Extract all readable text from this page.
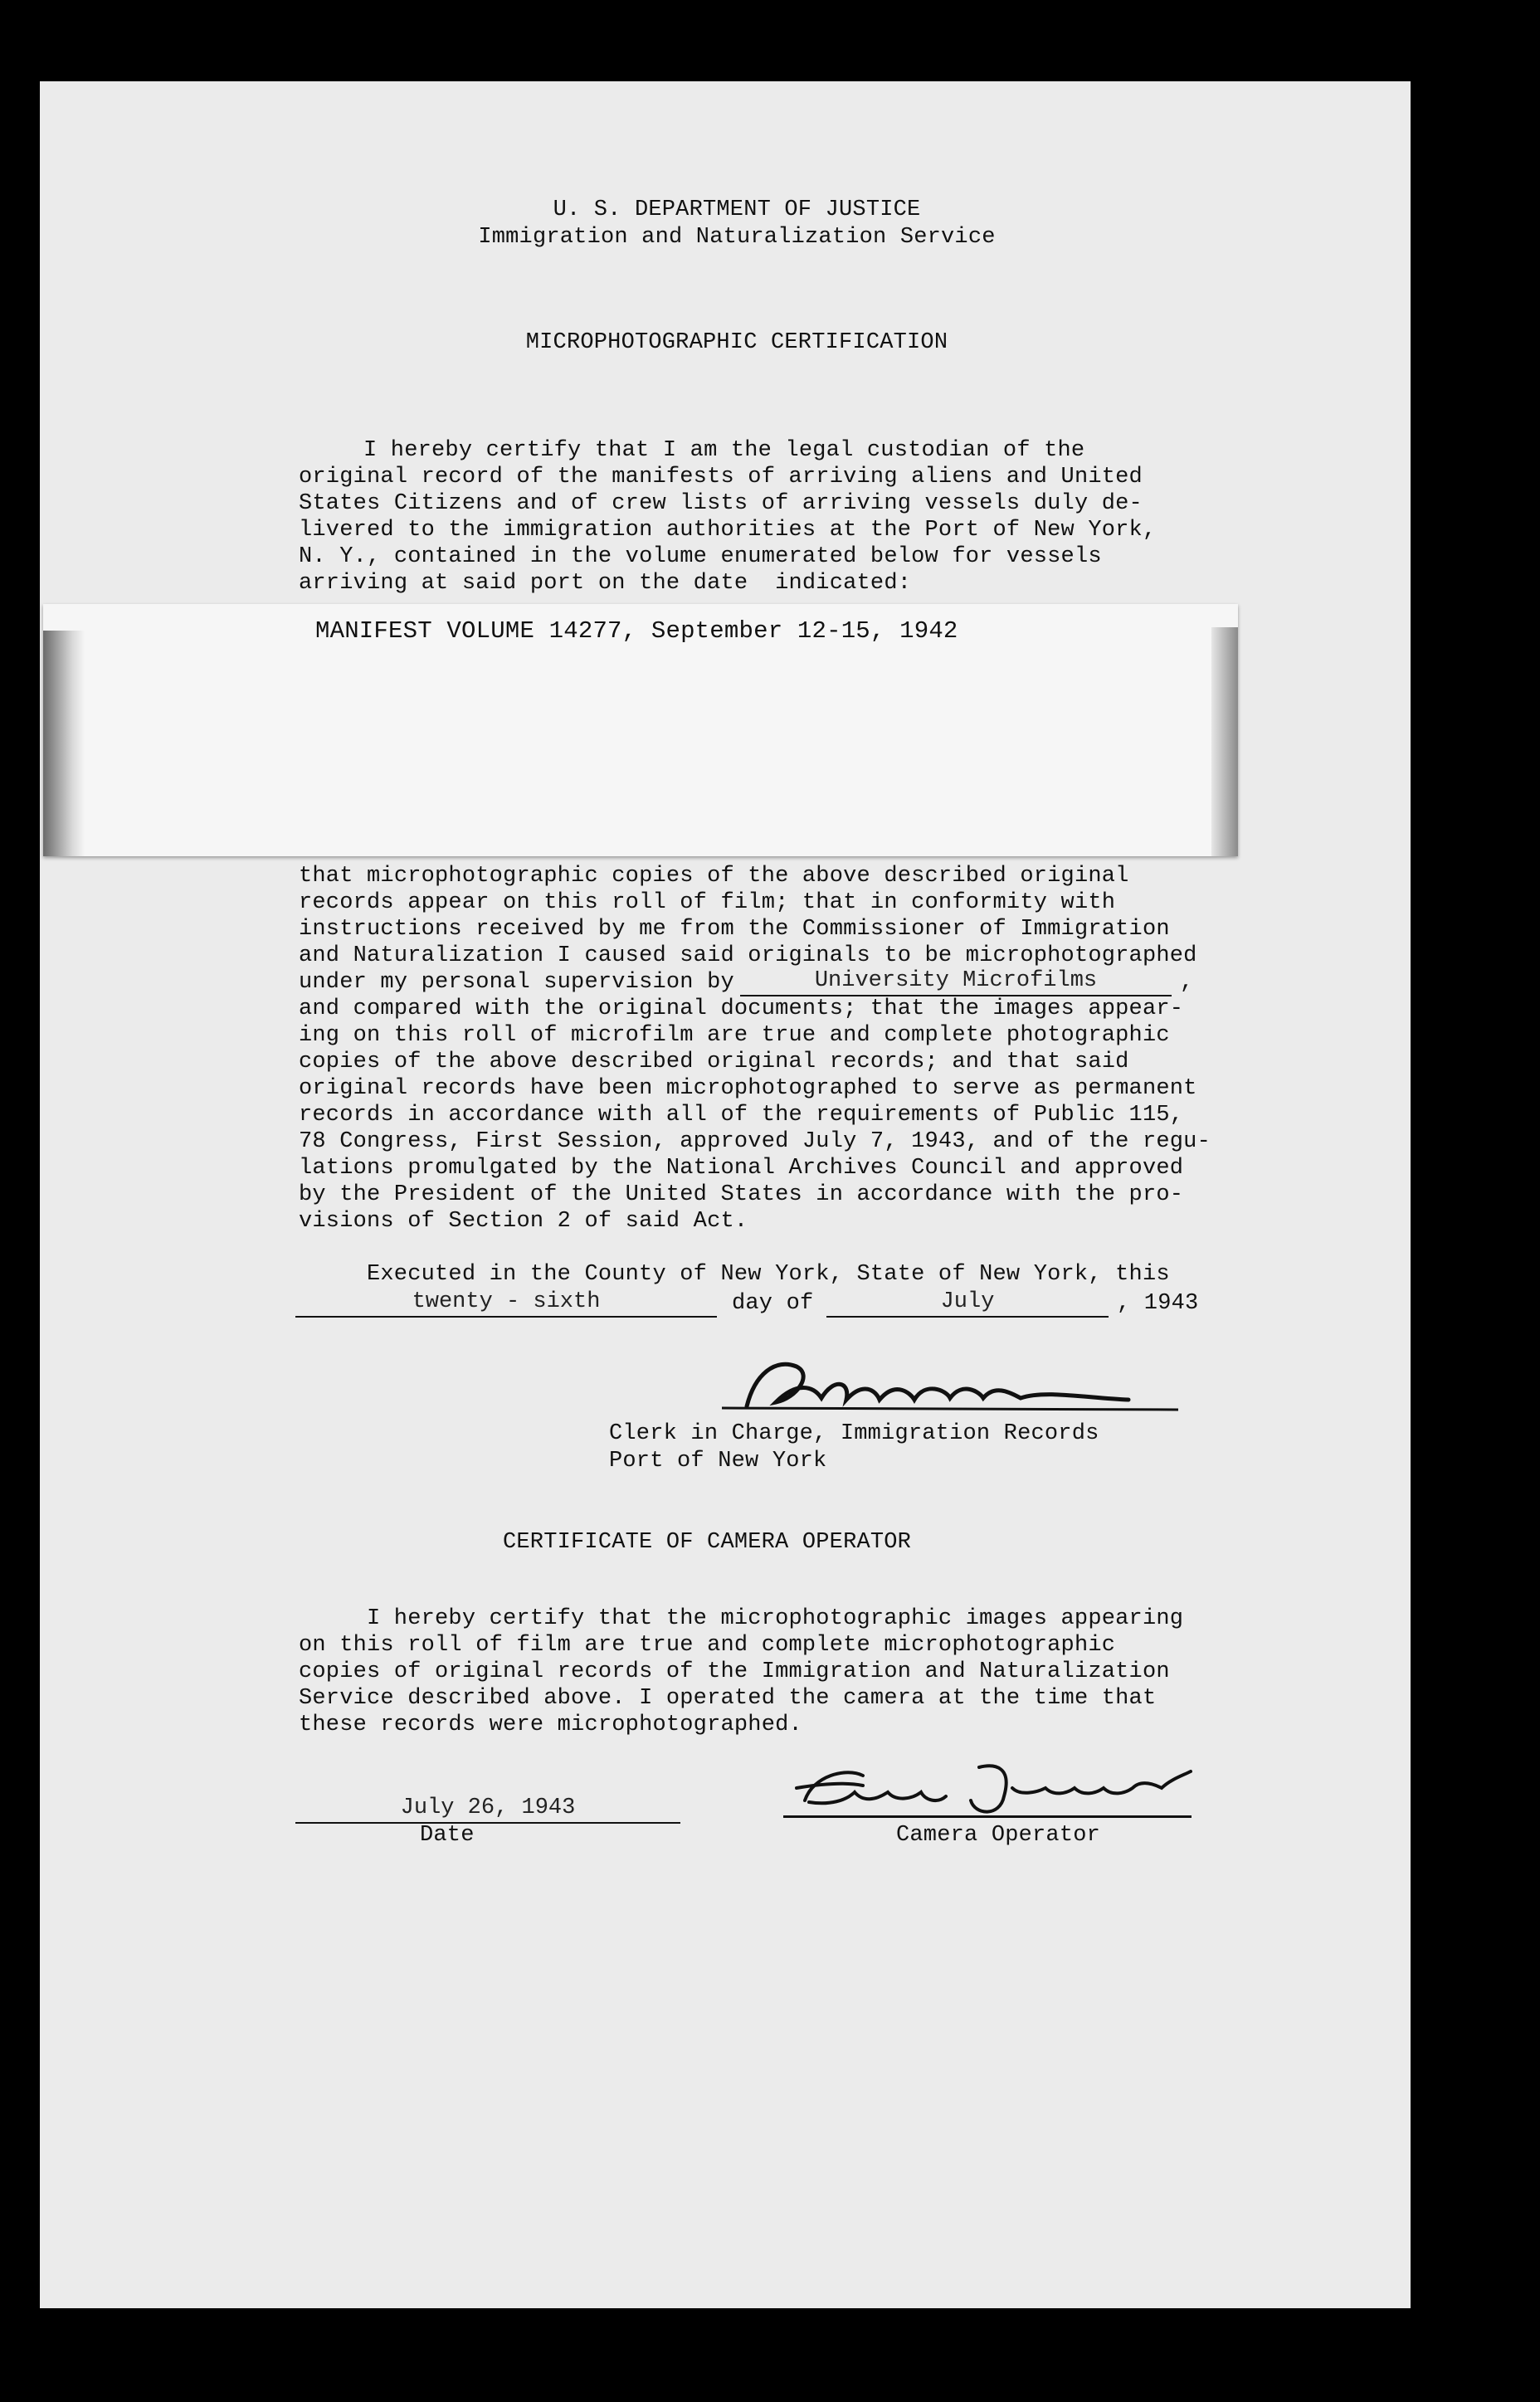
U. S. DEPARTMENT OF JUSTICE
Immigration and Naturalization Service
MICROPHOTOGRAPHIC CERTIFICATION
I hereby certify that I am the legal custodian of the
original record of the manifests of arriving aliens and United
States Citizens and of crew lists of arriving vessels duly de-
livered to the immigration authorities at the Port of New York,
N. Y., contained in the volume enumerated below for vessels
arriving at said port on the date  indicated:
MANIFEST VOLUME 14277, September 12-15, 1942
that microphotographic copies of the above described original
records appear on this roll of film; that in conformity with
instructions received by me from the Commissioner of Immigration
and Naturalization I caused said originals to be microphotographed
under my personal supervision by	University Microfilms	,
and compared with the original documents; that the images appear-
ing on this roll of microfilm are true and complete photographic
copies of the above described original records; and that said
original records have been microphotographed to serve as permanent
records in accordance with all of the requirements of Public 115,
78 Congress, First Session, approved July 7, 1943, and of the regu-
lations promulgated by the National Archives Council and approved
by the President of the United States in accordance with the pro-
visions of Section 2 of said Act.
Executed in the County of New York, State of New York, this
twenty - sixth	day of	July	, 1943
Clerk in Charge, Immigration Records
Port of New York
CERTIFICATE OF CAMERA OPERATOR
I hereby certify that the microphotographic images appearing
on this roll of film are true and complete microphotographic
copies of original records of the Immigration and Naturalization
Service described above. I operated the camera at the time that
these records were microphotographed.
July 26, 1943
Date	Camera Operator
